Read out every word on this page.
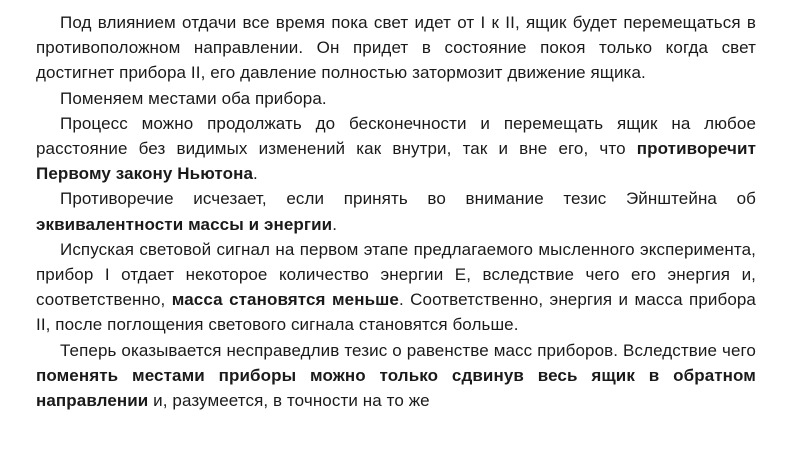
Под влиянием отдачи все время пока свет идет от I к II, ящик будет перемещаться в противоположном направлении. Он придет в состояние покоя только когда свет достигнет прибора II, его давление полностью затормозит движение ящика.

Поменяем местами оба прибора.

Процесс можно продолжать до бесконечности и перемещать ящик на любое расстояние без видимых изменений как внутри, так и вне его, что противоречит Первому закону Ньютона.

Противоречие исчезает, если принять во внимание тезис Эйнштейна об эквивалентности массы и энергии.

Испуская световой сигнал на первом этапе предлагаемого мысленного эксперимента, прибор I отдает некоторое количество энергии Е, вследствие чего его энергия и, соответственно, масса становятся меньше. Соответственно, энергия и масса прибора II, после поглощения светового сигнала становятся больше.

Теперь оказывается несправедлив тезис о равенстве масс приборов. Вследствие чего поменять местами приборы можно только сдвинув весь ящик в обратном направлении и, разумеется, в точности на то же
